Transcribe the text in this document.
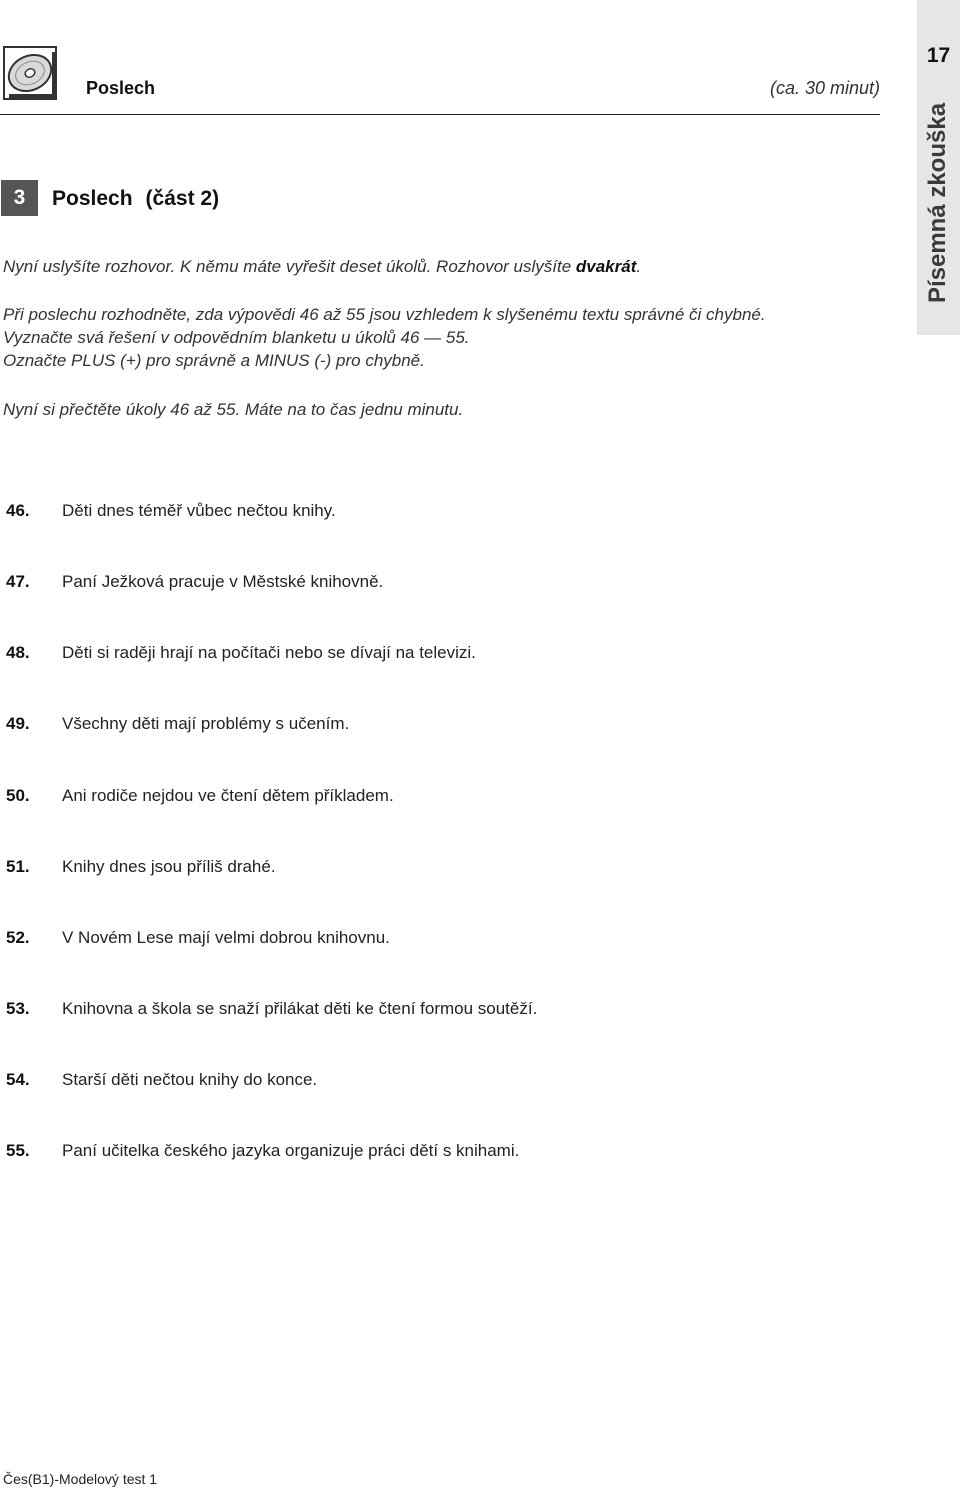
Poslech	(ca. 30 minut)
17
Písemná zkouška
3	Poslech (část 2)
Nyní uslyšíte rozhovor. K němu máte vyřešit deset úkolů. Rozhovor uslyšíte dvakrát.
Při poslechu rozhodněte, zda výpovědi 46 až 55 jsou vzhledem k slyšenému textu správné či chybné.
Vyznačte svá řešení v odpovědním blanketu u úkolů 46 — 55.
Označte PLUS (+) pro správně a MINUS (-) pro chybně.
Nyní si přečtěte úkoly 46 až 55. Máte na to čas jednu minutu.
46. Děti dnes téměř vůbec nečtou knihy.
47. Paní Ježková pracuje v Městské knihovně.
48. Děti si raději hrají na počítači nebo se dívají na televizi.
49. Všechny děti mají problémy s učením.
50. Ani rodiče nejdou ve čtení dětem příkladem.
51. Knihy dnes jsou příliš drahé.
52. V Novém Lese mají velmi dobrou knihovnu.
53. Knihovna a škola se snaží přilákat děti ke čtení formou soutěží.
54. Starší děti nečtou knihy do konce.
55. Paní učitelka českého jazyka organizuje práci dětí s knihami.
Čes(B1)-Modelový test 1
